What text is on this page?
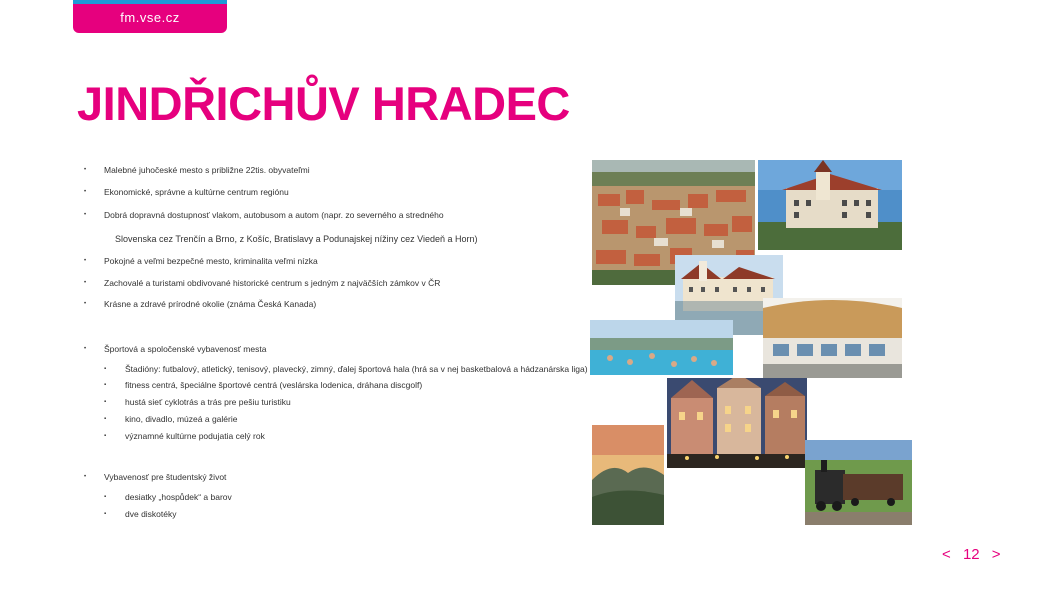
fm.vse.cz
JINDŘICHŮV HRADEC
• Malebné juhočeské mesto s približne 22tis. obyvateľmi
• Ekonomické, správne a kultúrne centrum regiónu
• Dobrá dopravná dostupnosť vlakom, autobusom a autom (napr. zo severného a stredného
• Pokojné a veľmi bezpečné mesto, kriminalita veľmi nízka
• Zachovalé a turistami obdivované historické centrum s jedným z najväčších zámkov v ČR
• Krásne a zdravé prírodné okolie (známa Česká Kanada)
• Športová a spoločenské vybavenosť mesta
▪ Štadióny: futbalový, atletický, tenisový, plavecký, zimný, ďalej športová hala (hrá sa v nej basketbalová a hádzanárska liga)
▪ fitness centrá, špeciálne športové centrá (veslárska lodenica, dráhana discgolf)
▪ hustá sieť cyklotrás a trás pre pešiu turistiku
▪ kino, divadlo, múzeá a galérie
▪ významné kultúrne podujatia celý rok
• Vybavenosť pre študentský život
▪ desiatky „hospůdek“ a barov
▪ dve diskotéky
Slovenska cez Trenčín a Brno, z Košíc, Bratislavy a Podunajskej nížiny cez Viedeň a Horn)
< 12 >
